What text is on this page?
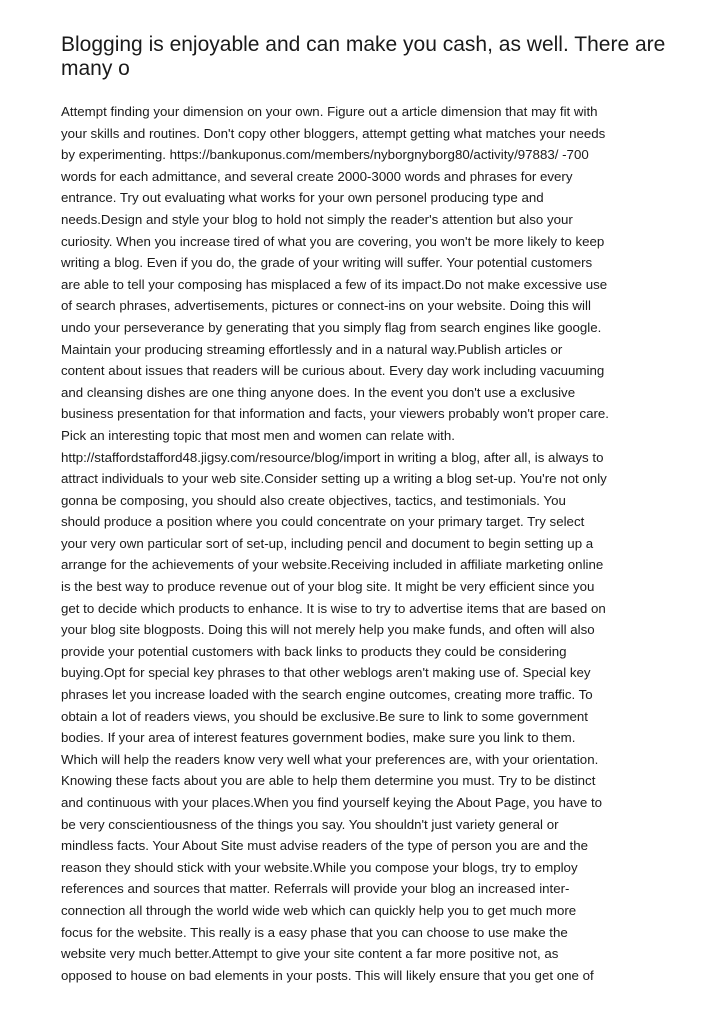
Blogging is enjoyable and can make you cash, as well. There are many o
Attempt finding your dimension on your own. Figure out a article dimension that may fit with
your skills and routines. Don't copy other bloggers, attempt getting what matches your needs
by experimenting. https://bankuponus.com/members/nyborgnyborg80/activity/97883/ -700
words for each admittance, and several create 2000-3000 words and phrases for every
entrance. Try out evaluating what works for your own personel producing type and
needs.Design and style your blog to hold not simply the reader's attention but also your
curiosity. When you increase tired of what you are covering, you won't be more likely to keep
writing a blog. Even if you do, the grade of your writing will suffer. Your potential customers
are able to tell your composing has misplaced a few of its impact.Do not make excessive use
of search phrases, advertisements, pictures or connect-ins on your website. Doing this will
undo your perseverance by generating that you simply flag from search engines like google.
Maintain your producing streaming effortlessly and in a natural way.Publish articles or
content about issues that readers will be curious about. Every day work including vacuuming
and cleansing dishes are one thing anyone does. In the event you don't use a exclusive
business presentation for that information and facts, your viewers probably won't proper care.
Pick an interesting topic that most men and women can relate with.
http://staffordstafford48.jigsy.com/resource/blog/import in writing a blog, after all, is always to
attract individuals to your web site.Consider setting up a writing a blog set-up. You're not only
gonna be composing, you should also create objectives, tactics, and testimonials. You
should produce a position where you could concentrate on your primary target. Try select
your very own particular sort of set-up, including pencil and document to begin setting up a
arrange for the achievements of your website.Receiving included in affiliate marketing online
is the best way to produce revenue out of your blog site. It might be very efficient since you
get to decide which products to enhance. It is wise to try to advertise items that are based on
your blog site blogposts. Doing this will not merely help you make funds, and often will also
provide your potential customers with back links to products they could be considering
buying.Opt for special key phrases to that other weblogs aren't making use of. Special key
phrases let you increase loaded with the search engine outcomes, creating more traffic. To
obtain a lot of readers views, you should be exclusive.Be sure to link to some government
bodies. If your area of interest features government bodies, make sure you link to them.
Which will help the readers know very well what your preferences are, with your orientation.
Knowing these facts about you are able to help them determine you must. Try to be distinct
and continuous with your places.When you find yourself keying the About Page, you have to
be very conscientiousness of the things you say. You shouldn't just variety general or
mindless facts. Your About Site must advise readers of the type of person you are and the
reason they should stick with your website.While you compose your blogs, try to employ
references and sources that matter. Referrals will provide your blog an increased inter-
connection all through the world wide web which can quickly help you to get much more
focus for the website. This really is a easy phase that you can choose to use make the
website very much better.Attempt to give your site content a far more positive not, as
opposed to house on bad elements in your posts. This will likely ensure that you get one of
